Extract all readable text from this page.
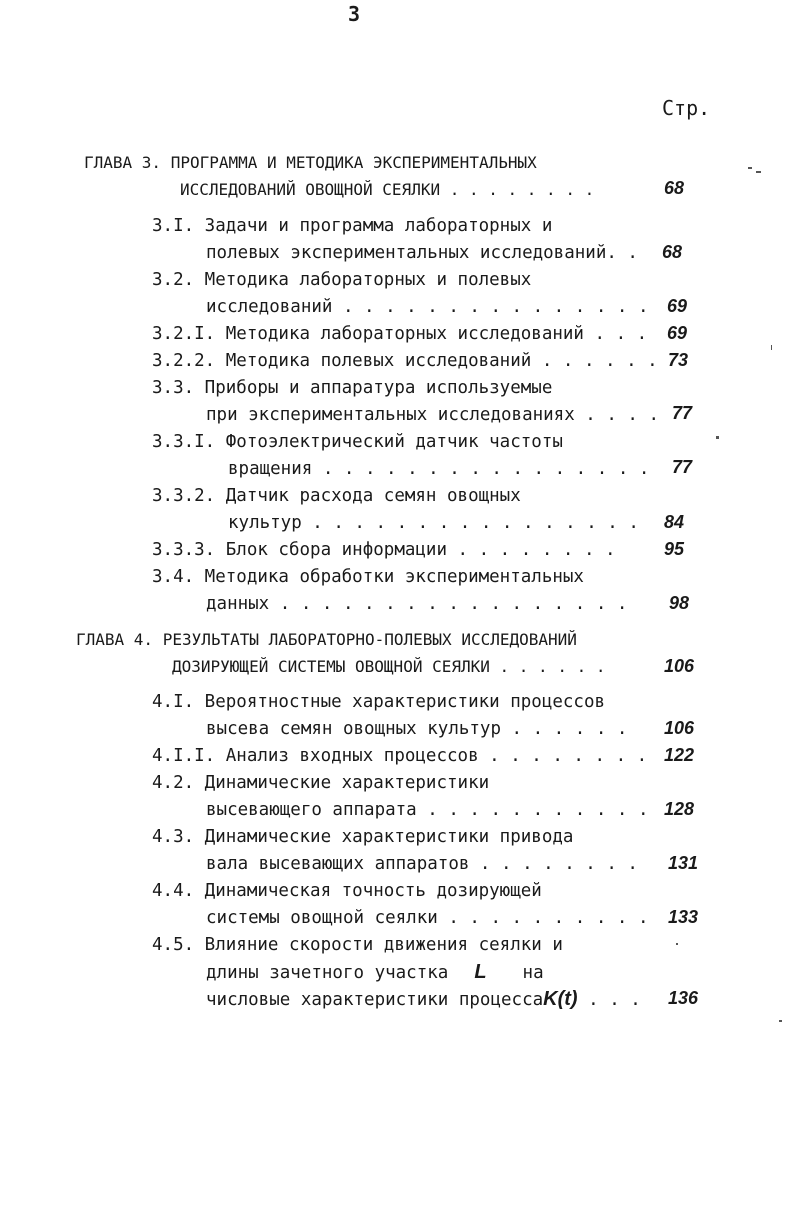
3
Стр.
ГЛАВА 3. ПРОГРАММА И МЕТОДИКА ЭКСПЕРИМЕНТАЛЬНЫХ
ИССЛЕДОВАНИЙ ОВОЩНОЙ СЕЯЛКИ . . . . . . . .	68
3.I. Задачи и программа лабораторных и
полевых экспериментальных исследований. . 68
3.2. Методика лабораторных и полевых
исследований . . . . . . . . . . . . . . . 69
3.2.I. Методика лабораторных исследований . . . 69
3.2.2. Методика полевых исследований . . . . . . 73
3.3. Приборы и аппаратура используемые
при экспериментальных исследованиях . . . . 77
3.3.I. Фотоэлектрический датчик частоты
вращения . . . . . . . . . . . . . . . . 77
3.3.2. Датчик расхода семян овощных
культур . . . . . . . . . . . . . . . . 84
3.3.3. Блок сбора информации . . . . . . . .	95
3.4. Методика обработки экспериментальных
данных . . . . . . . . . . . . . . . . . 98
ГЛАВА 4. РЕЗУЛЬТАТЫ ЛАБОРАТОРНО-ПОЛЕВЫХ ИССЛЕДОВАНИЙ
ДОЗИРУЮЩЕЙ СИСТЕМЫ ОВОЩНОЙ СЕЯЛКИ . . . . . .	106
4.I. Вероятностные характеристики процессов
высева семян овощных культур . . . . . . 106
4.I.I. Анализ входных процессов . . . . . . . . 122
4.2. Динамические характеристики
высевающего аппарата . . . . . . . . . . . 128
4.3. Динамические характеристики привода
вала высевающих аппаратов . . . . . . . . 131
4.4. Динамическая точность дозирующей
системы овощной сеялки . . . . . . . . . . 133
4.5. Влияние скорости движения сеялки и
длины зачетного участка L на
числовые характеристики процессаK(t) . . . 136
